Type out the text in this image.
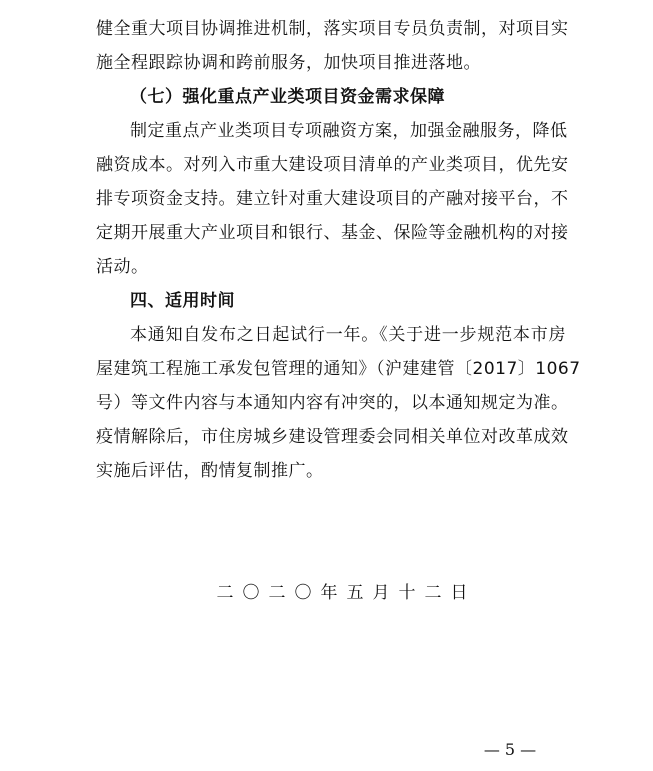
健全重大项目协调推进机制，落实项目专员负责制，对项目实
施全程跟踪协调和跨前服务，加快项目推进落地。
（七）强化重点产业类项目资金需求保障
制定重点产业类项目专项融资方案，加强金融服务，降低
融资成本。对列入市重大建设项目清单的产业类项目，优先安
排专项资金支持。建立针对重大建设项目的产融对接平台，不
定期开展重大产业项目和银行、基金、保险等金融机构的对接
活动。
四、适用时间
本通知自发布之日起试行一年。《关于进一步规范本市房
屋建筑工程施工承发包管理的通知》（沪建建管〔2017〕1067
号）等文件内容与本通知内容有冲突的，以本通知规定为准。
疫情解除后，市住房城乡建设管理委会同相关单位对改革成效
实施后评估，酌情复制推广。
二〇二〇年五月十二日
— 5 —
